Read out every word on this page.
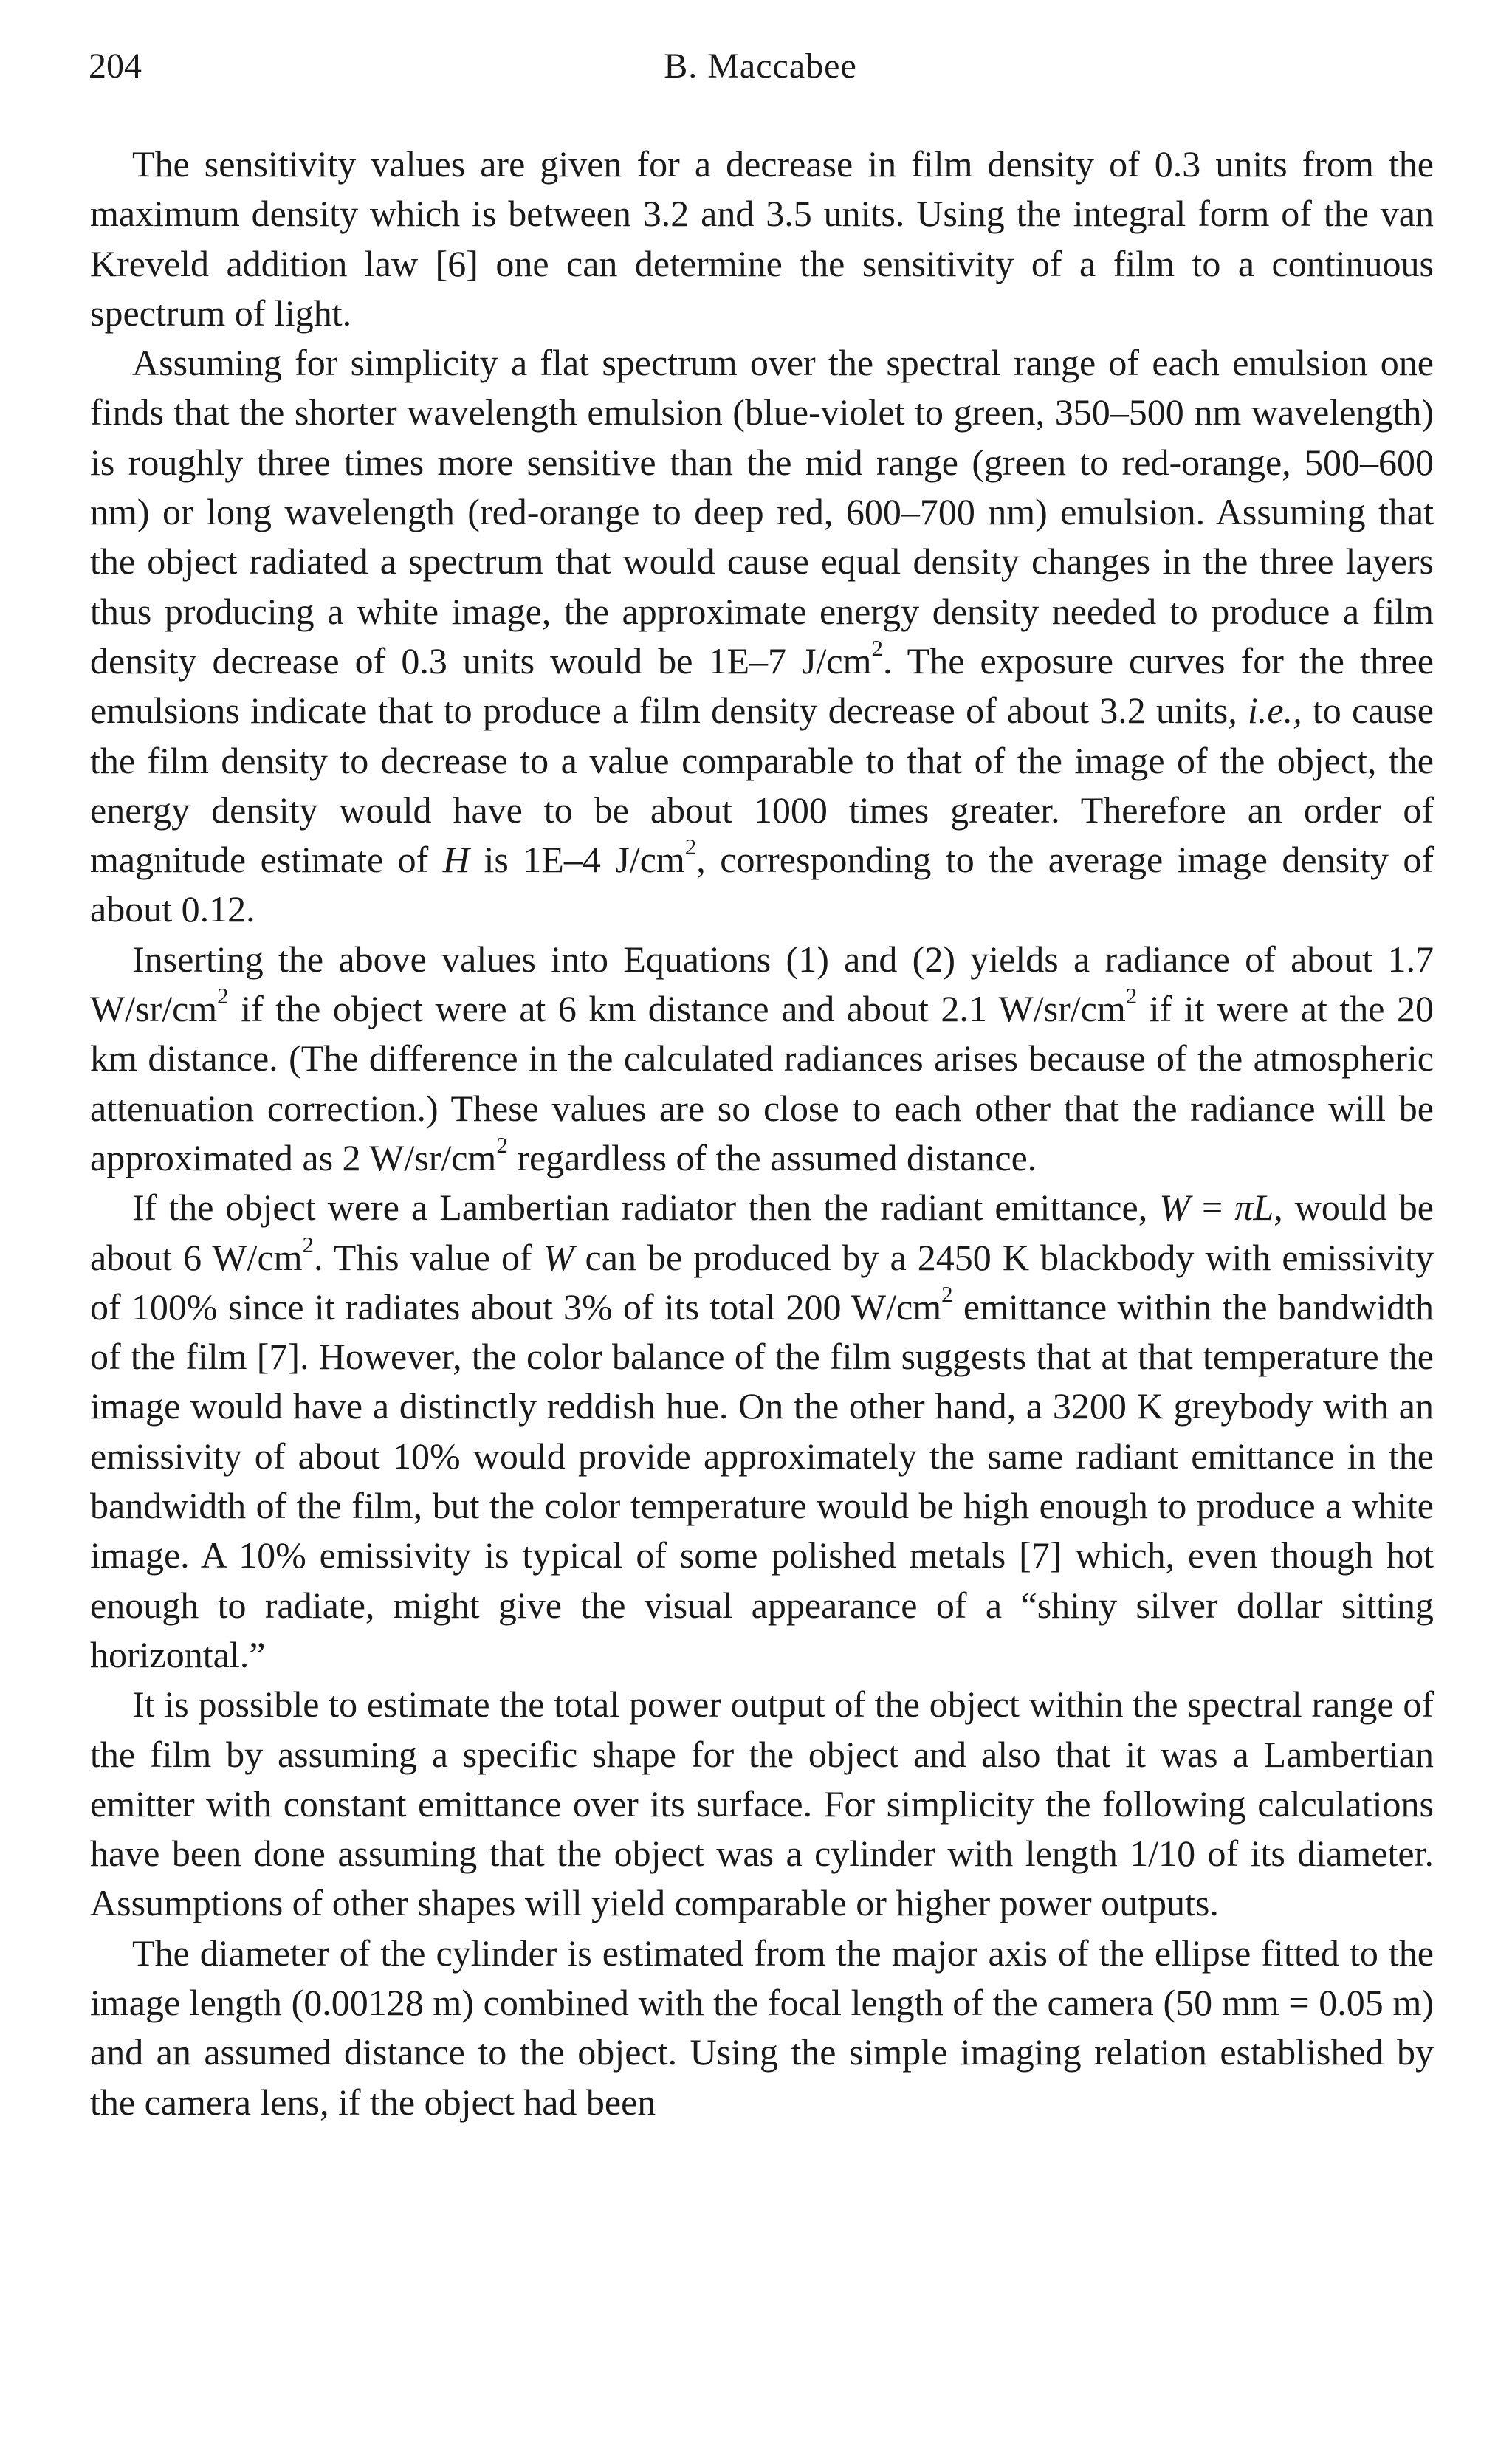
204	B. Maccabee

The sensitivity values are given for a decrease in film density of 0.3 units from the maximum density which is between 3.2 and 3.5 units. Using the integral form of the van Kreveld addition law [6] one can determine the sensitivity of a film to a continuous spectrum of light.

Assuming for simplicity a flat spectrum over the spectral range of each emulsion one finds that the shorter wavelength emulsion (blue-violet to green, 350–500 nm wavelength) is roughly three times more sensitive than the mid range (green to red-orange, 500–600 nm) or long wavelength (red-orange to deep red, 600–700 nm) emulsion. Assuming that the object radiated a spectrum that would cause equal density changes in the three layers thus producing a white image, the approximate energy density needed to produce a film density decrease of 0.3 units would be 1E–7 $J/cm^2$. The exposure curves for the three emulsions indicate that to produce a film density decrease of about 3.2 units, i.e., to cause the film density to decrease to a value comparable to that of the image of the object, the energy density would have to be about 1000 times greater. Therefore an order of magnitude estimate of H is 1E–4 $J/cm^2$, corresponding to the average image density of about 0.12.

Inserting the above values into Equations (1) and (2) yields a radiance of about 1.7 $W/sr/cm^2$ if the object were at 6 km distance and about 2.1 $W/sr/cm^2$ if it were at the 20 km distance. (The difference in the calculated radiances arises because of the atmospheric attenuation correction.) These values are so close to each other that the radiance will be approximated as 2 $W/sr/cm^2$ regardless of the assumed distance.

If the object were a Lambertian radiator then the radiant emittance, W = πL, would be about 6 $W/cm^2$. This value of W can be produced by a 2450 K blackbody with emissivity of 100% since it radiates about 3% of its total 200 $W/cm^2$ emittance within the bandwidth of the film [7]. However, the color balance of the film suggests that at that temperature the image would have a distinctly reddish hue. On the other hand, a 3200 K greybody with an emissivity of about 10% would provide approximately the same radiant emittance in the bandwidth of the film, but the color temperature would be high enough to produce a white image. A 10% emissivity is typical of some polished metals [7] which, even though hot enough to radiate, might give the visual appearance of a “shiny silver dollar sitting horizontal.”

It is possible to estimate the total power output of the object within the spectral range of the film by assuming a specific shape for the object and also that it was a Lambertian emitter with constant emittance over its surface. For simplicity the following calculations have been done assuming that the object was a cylinder with length 1/10 of its diameter. Assumptions of other shapes will yield comparable or higher power outputs.

The diameter of the cylinder is estimated from the major axis of the ellipse fitted to the image length (0.00128 m) combined with the focal length of the camera (50 mm = 0.05 m) and an assumed distance to the object. Using the simple imaging relation established by the camera lens, if the object had been
